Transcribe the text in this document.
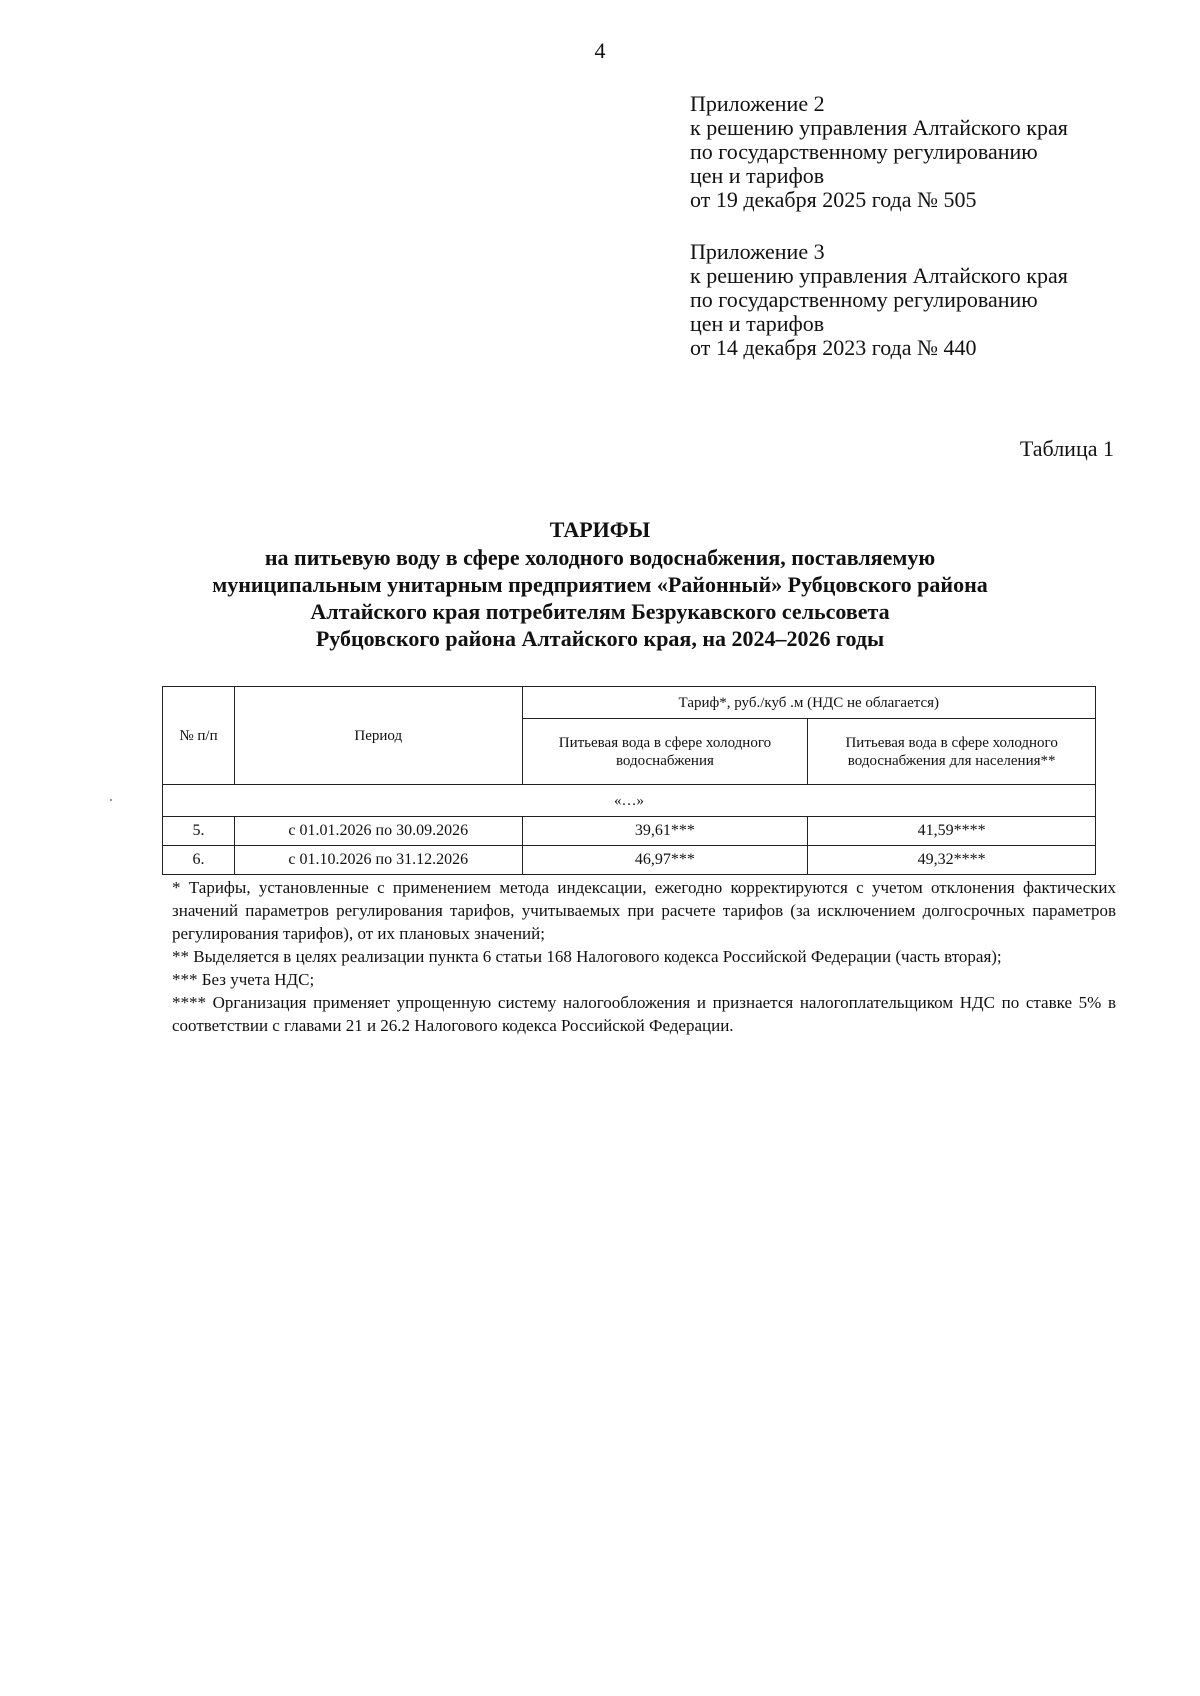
4
Приложение 2
к решению управления Алтайского края
по государственному регулированию
цен и тарифов
от 19 декабря 2025 года № 505
Приложение 3
к решению управления Алтайского края
по государственному регулированию
цен и тарифов
от 14 декабря 2023 года № 440
Таблица 1
ТАРИФЫ
на питьевую воду в сфере холодного водоснабжения, поставляемую
муниципальным унитарным предприятием «Районный» Рубцовского района
Алтайского края потребителям Безрукавского сельсовета
Рубцовского района Алтайского края, на 2024–2026 годы
№ п/п	Период	Тариф*, руб./куб .м (НДС не облагается)	
		Питьевая вода в сфере холодного водоснабжения	Питьевая вода в сфере холодного водоснабжения для населения**
«…»			
5.	с 01.01.2026 по 30.09.2026	39,61***	41,59****
6.	с 01.10.2026 по 31.12.2026	46,97***	49,32****

* Тарифы, установленные с применением метода индексации, ежегодно корректируются с учетом отклонения фактических значений параметров регулирования тарифов, учитываемых при расчете тарифов (за исключением долгосрочных параметров регулирования тарифов), от их плановых значений;

** Выделяется в целях реализации пункта 6 статьи 168 Налогового кодекса Российской Федерации (часть вторая);

*** Без учета НДС;

**** Организация применяет упрощенную систему налогообложения и признается налогоплательщиком НДС по ставке 5% в соответствии с главами 21 и 26.2 Налогового кодекса Российской Федерации.
